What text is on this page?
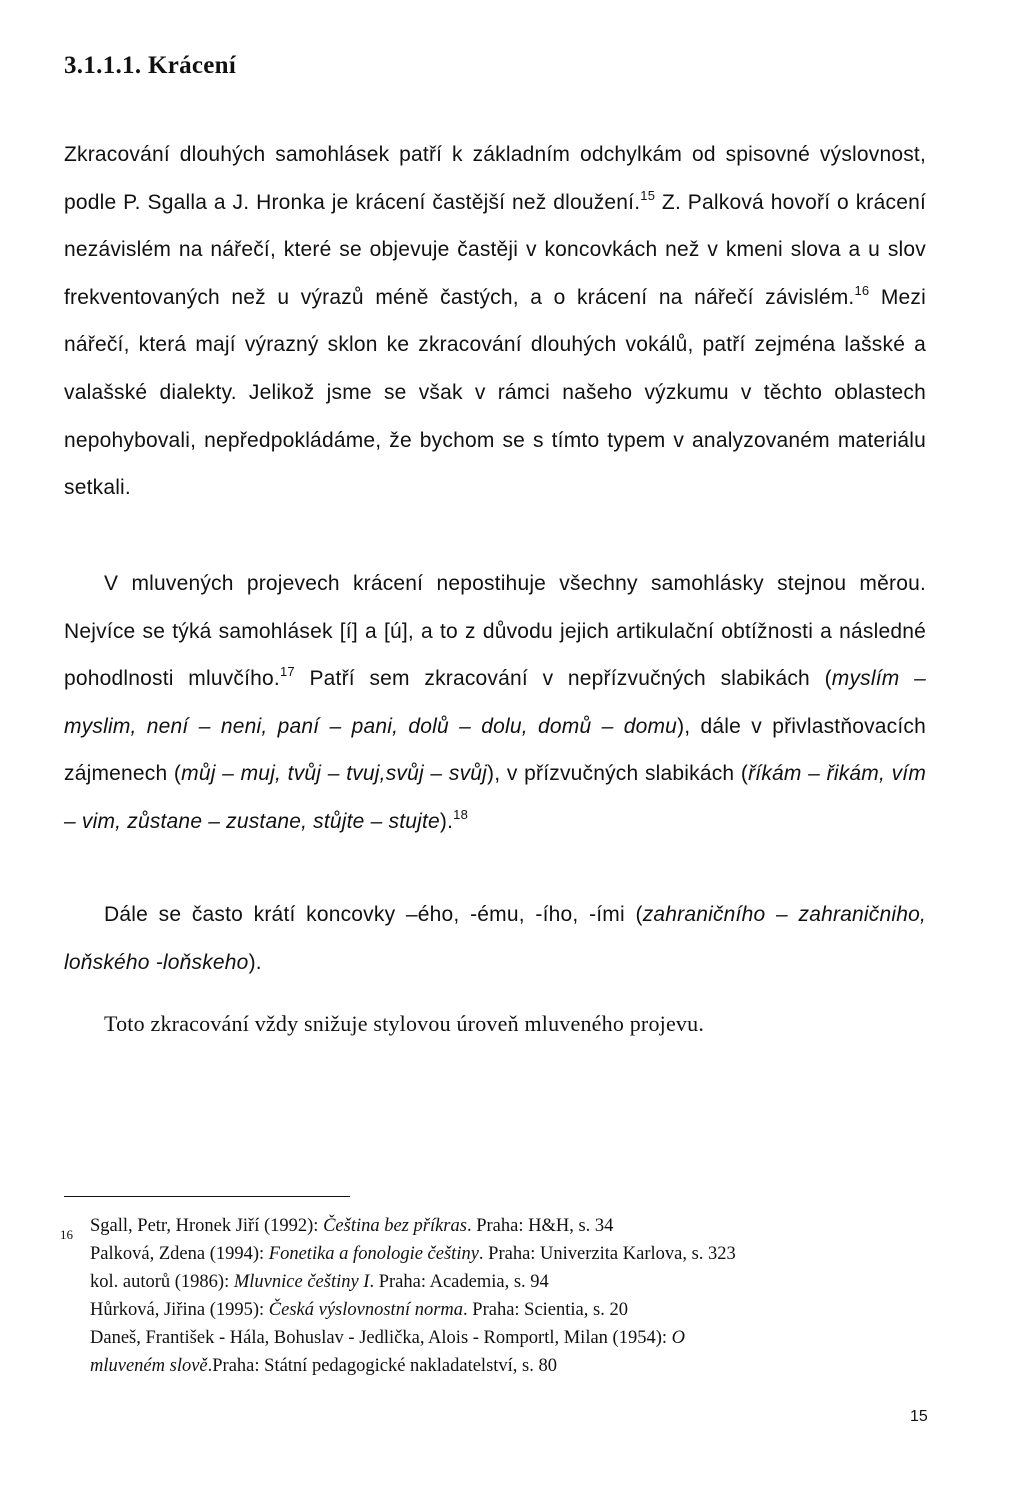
3.1.1.1. Krácení

Zkracování dlouhých samohlásek patří k základním odchylkám od spisovné výslovnost, podle P. Sgalla a J. Hronka je krácení častější než dloužení.$^{15}$ Z. Palková hovoří o krácení nezávislém na nářečí, které se objevuje častěji v koncovkách než v kmeni slova a u slov frekventovaných než u výrazů méně častých, a o krácení na nářečí závislém.$^{16}$ Mezi nářečí, která mají výrazný sklon ke zkracování dlouhých vokálů, patří zejména lašské a valašské dialekty. Jelikož jsme se však v rámci našeho výzkumu v těchto oblastech nepohybovali, nepředpokládáme, že bychom se s tímto typem v analyzovaném materiálu setkali.

V mluvených projevech krácení nepostihuje všechny samohlásky stejnou měrou. Nejvíce se týká samohlásek [í] a [ú], a to z důvodu jejich artikulační obtížnosti a následné pohodlnosti mluvčího.$^{17}$ Patří sem zkracování v nepřízvučných slabikách (myslím – myslim, není – neni, paní – pani, dolů – dolu, domů – domu), dále v přivlastňovacích zájmenech (můj – muj, tvůj – tvuj,svůj – svůj), v přízvučných slabikách (říkám – řikám, vím – vim, zůstane – zustane, stůjte – stujte).$^{18}$

Dále se často krátí koncovky –ého, -ému, -ího, -ími (zahraničního – zahraničniho, loňského -loňskeho).

Toto zkracování vždy snižuje stylovou úroveň mluveného projevu.
16 Sgall, Petr, Hronek Jiří (1992): Čeština bez příkras. Praha: H&H, s. 34
Palková, Zdena (1994): Fonetika a fonologie češtiny. Praha: Univerzita Karlova, s. 323
kol. autorů (1986): Mluvnice češtiny I. Praha: Academia, s. 94
Hůrková, Jiřina (1995): Česká výslovnostní norma. Praha: Scientia, s. 20
Daneš, František - Hála, Bohuslav - Jedlička, Alois - Romportl, Milan (1954): O
mluveném slově.Praha: Státní pedagogické nakladatelství, s. 80
15
